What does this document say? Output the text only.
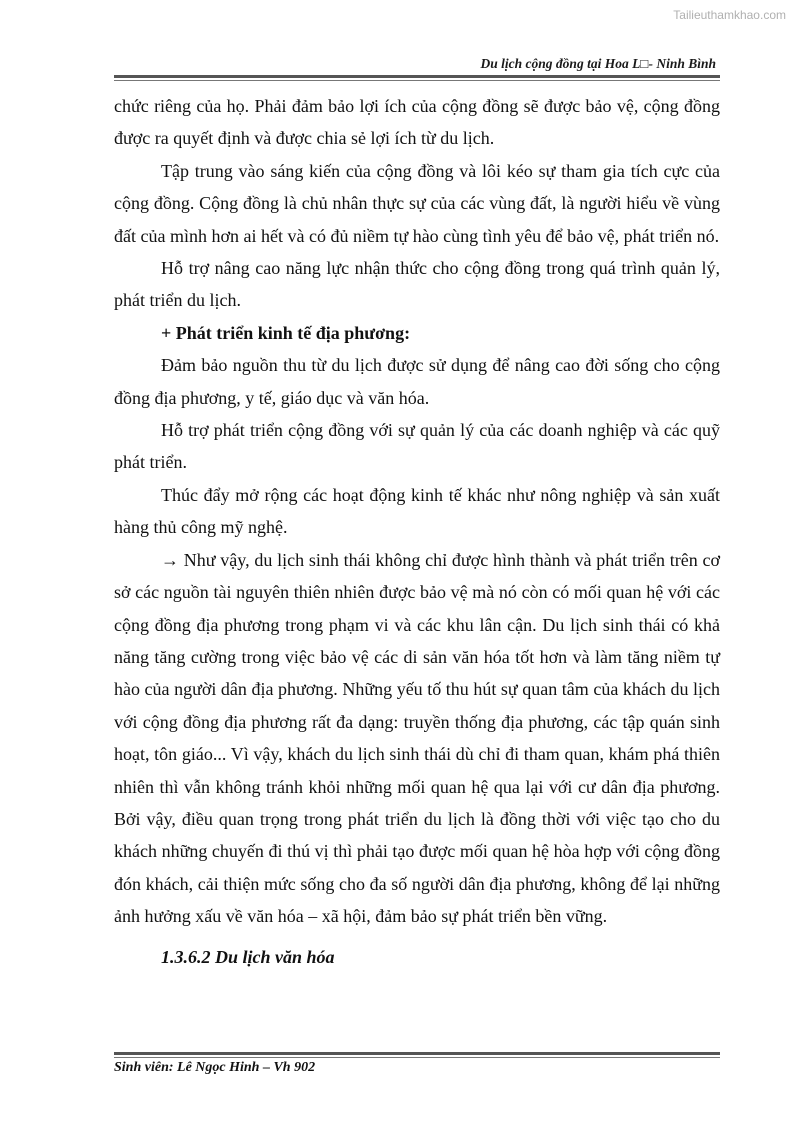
Tailieuthamkhao.com
Du lịch cộng đồng tại Hoa L□- Ninh Bình

chức riêng của họ. Phải đảm bảo lợi ích của cộng đồng sẽ được bảo vệ, cộng đồng được ra quyết định và được chia sẻ lợi ích từ du lịch.

Tập trung vào sáng kiến của cộng đồng và lôi kéo sự tham gia tích cực của cộng đồng. Cộng đồng là chủ nhân thực sự của các vùng đất, là người hiểu về vùng đất của mình hơn ai hết và có đủ niềm tự hào cùng tình yêu để bảo vệ, phát triển nó.

Hỗ trợ nâng cao năng lực nhận thức cho cộng đồng trong quá trình quản lý, phát triển du lịch.

+ Phát triển kinh tế địa phương:

Đảm bảo nguồn thu từ du lịch được sử dụng để nâng cao đời sống cho cộng đồng địa phương, y tế, giáo dục và văn hóa.

Hỗ trợ phát triển cộng đồng với sự quản lý của các doanh nghiệp và các quỹ phát triển.

Thúc đẩy mở rộng các hoạt động kinh tế khác như nông nghiệp và sản xuất hàng thủ công mỹ nghệ.

→ Như vậy, du lịch sinh thái không chỉ được hình thành và phát triển trên cơ sở các nguồn tài nguyên thiên nhiên được bảo vệ mà nó còn có mối quan hệ với các cộng đồng địa phương trong phạm vi và các khu lân cận. Du lịch sinh thái có khả năng tăng cường trong việc bảo vệ các di sản văn hóa tốt hơn và làm tăng niềm tự hào của người dân địa phương. Những yếu tố thu hút sự quan tâm của khách du lịch với cộng đồng địa phương rất đa dạng: truyền thống địa phương, các tập quán sinh hoạt, tôn giáo... Vì vậy, khách du lịch sinh thái dù chỉ đi tham quan, khám phá thiên nhiên thì vẫn không tránh khỏi những mối quan hệ qua lại với cư dân địa phương. Bởi vậy, điều quan trọng trong phát triển du lịch là đồng thời với việc tạo cho du khách những chuyến đi thú vị thì phải tạo được mối quan hệ hòa hợp với cộng đồng đón khách, cải thiện mức sống cho đa số người dân địa phương, không để lại những ảnh hưởng xấu về văn hóa – xã hội, đảm bảo sự phát triển bền vững.

1.3.6.2 Du lịch văn hóa

Sinh viên: Lê Ngọc Hinh – Vh 902
